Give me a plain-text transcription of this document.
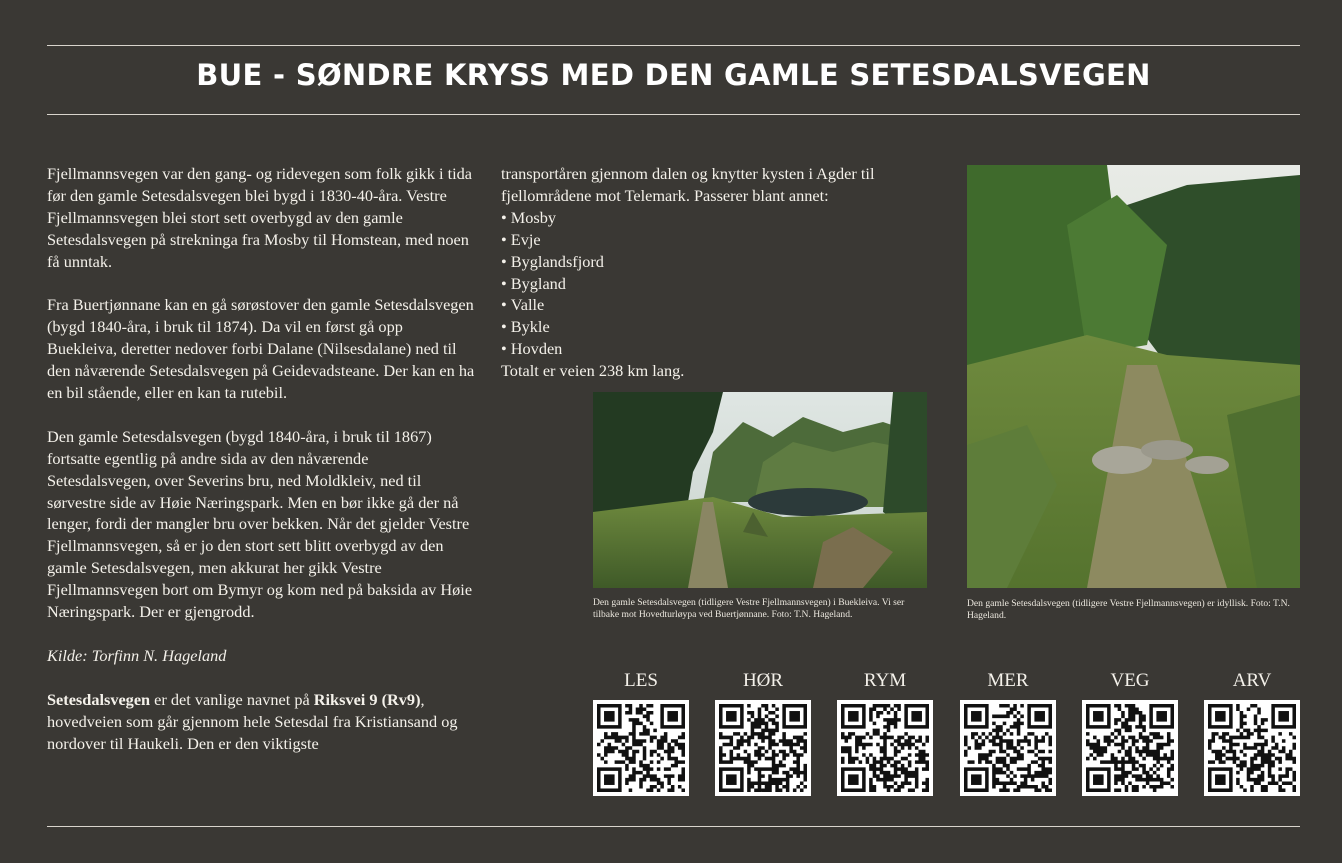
BUE - SØNDRE KRYSS MED DEN GAMLE SETESDALSVEGEN

Fjellmannsvegen var den gang- og ridevegen som folk gikk i tida før den gamle Setesdalsvegen blei bygd i 1830-40-åra. Vestre Fjellmannsvegen blei stort sett overbygd av den gamle Setesdalsvegen på strekninga fra Mosby til Homstean, med noen få unntak.

Fra Buertjønnane kan en gå sørøstover den gamle Setesdalsvegen (bygd 1840-åra, i bruk til 1874). Da vil en først gå opp Buekleiva, deretter nedover forbi Dalane (Nilsesdalane) ned til den nåværende Setesdalsvegen på Geidevadsteane. Der kan en ha en bil stående, eller en kan ta rutebil.

Den gamle Setesdalsvegen (bygd 1840-åra, i bruk til 1867) fortsatte egentlig på andre sida av den nåværende Setesdalsvegen, over Severins bru, ned Moldkleiv, ned til sørvestre side av Høie Næringspark. Men en bør ikke gå der nå lenger, fordi der mangler bru over bekken. Når det gjelder Vestre Fjellmannsvegen, så er jo den stort sett blitt overbygd av den gamle Setesdalsvegen, men akkurat her gikk Vestre Fjellmannsvegen bort om Bymyr og kom ned på baksida av Høie Næringspark. Der er gjengrodd.

Kilde: Torfinn N. Hageland

Setesdalsvegen er det vanlige navnet på Riksvei 9 (Rv9), hovedveien som går gjennom hele Setesdal fra Kristiansand og nordover til Haukeli. Den er den viktigste

transportåren gjennom dalen og knytter kysten i Agder til fjellområdene mot Telemark. Passerer blant annet:

• Mosby
• Evje
• Byglandsfjord
• Bygland
• Valle
• Bykle
• Hovden

Totalt er veien 238 km lang.

Den gamle Setesdalsvegen (tidligere Vestre Fjellmannsvegen) i Buekleiva. Vi ser tilbake mot Hovedturløypa ved Buertjønnane. Foto: T.N. Hageland.
Den gamle Setesdalsvegen (tidligere Vestre Fjellmannsvegen) er idyllisk. Foto: T.N. Hageland.
LES	HØR	RYM	MER	VEG	ARV
